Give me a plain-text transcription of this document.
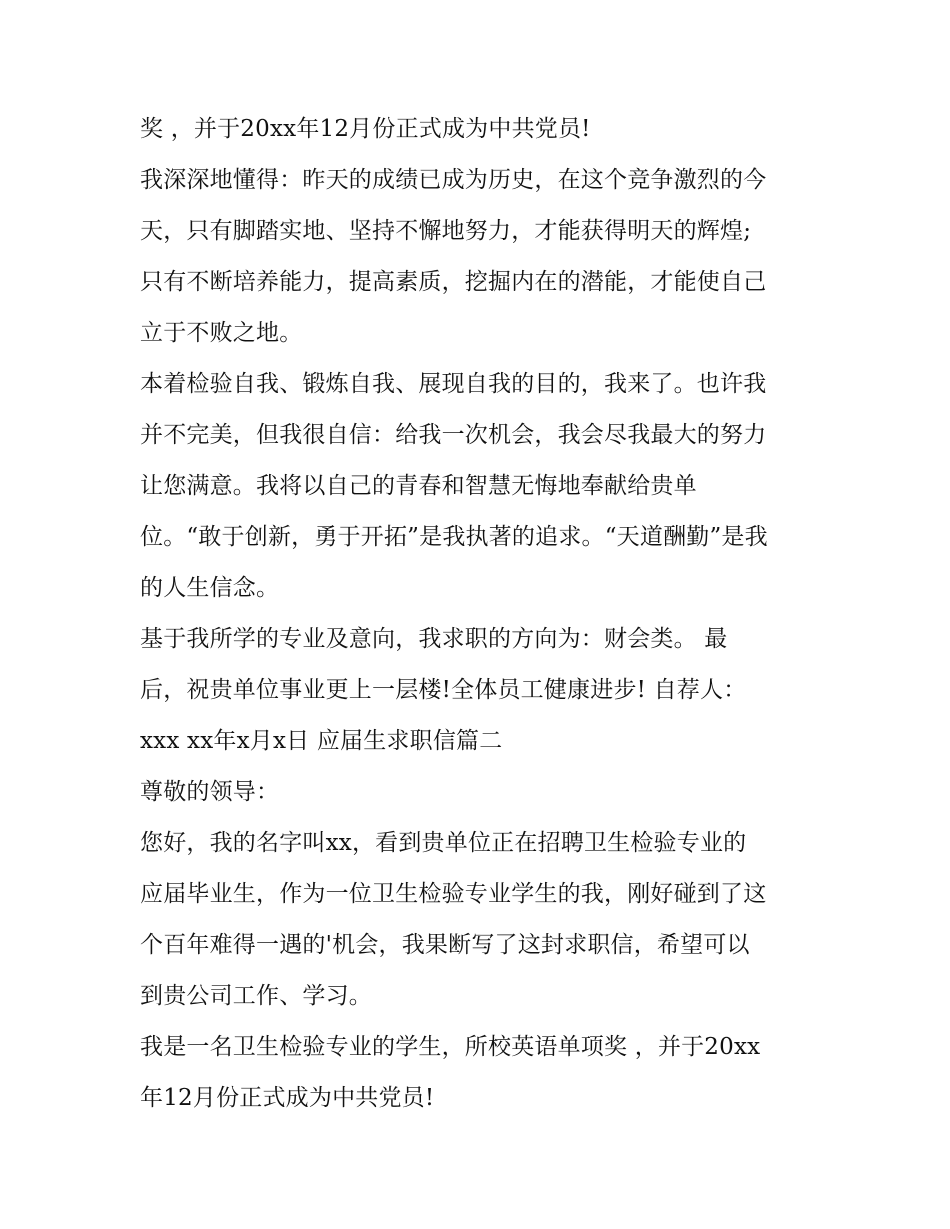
奖 ，并于20xx年12月份正式成为中共党员!
我深深地懂得：昨天的成绩已成为历史，在这个竞争激烈的今
天，只有脚踏实地、坚持不懈地努力，才能获得明天的辉煌;
只有不断培养能力，提高素质，挖掘内在的潜能，才能使自己
立于不败之地。
本着检验自我、锻炼自我、展现自我的目的，我来了。也许我
并不完美，但我很自信：给我一次机会，我会尽我最大的努力
让您满意。我将以自己的青春和智慧无悔地奉献给贵单
位。“敢于创新，勇于开拓”是我执著的追求。“天道酬勤”是我
的人生信念。
基于我所学的专业及意向，我求职的方向为：财会类。 最
后，祝贵单位事业更上一层楼!全体员工健康进步! 自荐人：
xxx xx年x月x日 应届生求职信篇二
尊敬的领导：
您好，我的名字叫xx，看到贵单位正在招聘卫生检验专业的
应届毕业生，作为一位卫生检验专业学生的我，刚好碰到了这
个百年难得一遇的'机会，我果断写了这封求职信，希望可以
到贵公司工作、学习。
我是一名卫生检验专业的学生，所校英语单项奖 ，并于20xx
年12月份正式成为中共党员!
